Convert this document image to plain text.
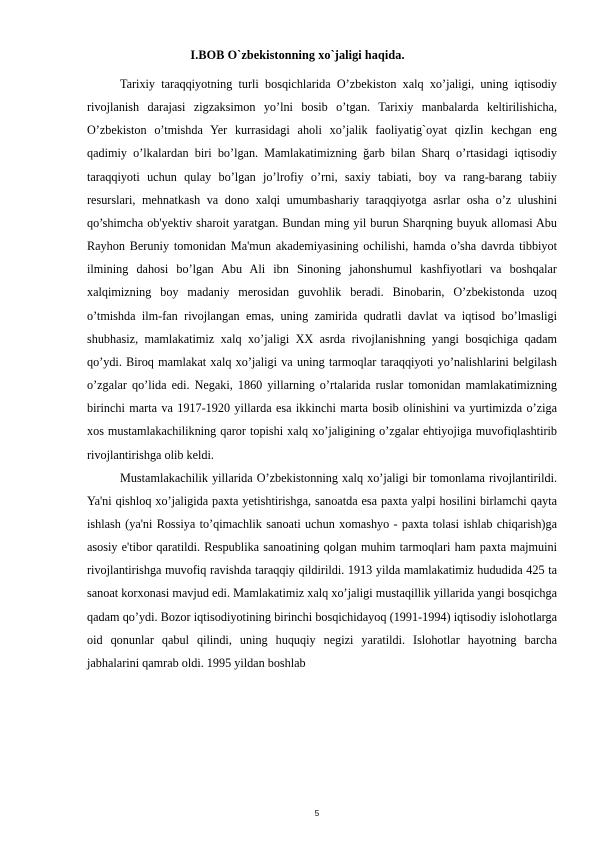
I.BOB O`zbekistonning xo`jaligi haqida.

Tarixiy taraqqiyotning turli bosqichlarida O’zbekiston xalq xo’jaligi, uning iqtisodiy rivojlanish darajasi zigzaksimon yo’lni bosib o’tgan. Tarixiy manbalarda keltirilishicha, O’zbekiston o’tmishda Yer kurrasidagi aholi xo’jalik faoliyatig`oyat qizIin kechgan eng qadimiy o’lkalardan biri bo’lgan. Mamlakatimizning ğarb bilan Sharq o’rtasidagi iqtisodiy taraqqiyoti uchun qulay bo’lgan jo’lrofiy o’rni, saxiy tabiati, boy va rang-barang tabiiy resurslari, mehnatkash va dono xalqi umumbashariy taraqqiyotga asrlar osha o’z ulushini qo’shimcha ob'yektiv sharoit yaratgan. Bundan ming yil burun Sharqning buyuk allomasi Abu Rayhon Beruniy tomonidan Ma'mun akademiyasining ochilishi, hamda o’sha davrda tibbiyot ilmining dahosi bo’lgan Abu Ali ibn Sinoning jahonshumul kashfiyotlari va boshqalar xalqimizning boy madaniy merosidan guvohlik beradi. Binobarin, O’zbekistonda uzoq o’tmishda ilm-fan rivojlangan emas, uning zamirida qudratli davlat va iqtisod bo’lmasligi shubhasiz, mamlakatimiz xalq xo’jaligi XX asrda rivojlanishning yangi bosqichiga qadam qo’ydi. Biroq mamlakat xalq xo’jaligi va uning tarmoqlar taraqqiyoti yo’nalishlarini belgilash o’zgalar qo’lida edi. Negaki, 1860 yillarning o’rtalarida ruslar tomonidan mamlakatimizning birinchi marta va 1917-1920 yillarda esa ikkinchi marta bosib olinishini va yurtimizda o’ziga xos mustamlakachilikning qaror topishi xalq xo’jaligining o’zgalar ehtiyojiga muvofiqlashtirib rivojlantirishga olib keldi.

Mustamlakachilik yillarida O’zbekistonning xalq xo’jaligi bir tomonlama rivojlantirildi. Ya'ni qishloq xo’jaligida paxta yetishtirishga, sanoatda esa paxta yalpi hosilini birlamchi qayta ishlash (ya'ni Rossiya to’qimachlik sanoati uchun xomashyo - paxta tolasi ishlab chiqarish)ga asosiy e'tibor qaratildi. Respublika sanoatining qolgan muhim tarmoqlari ham paxta majmuini rivojlantirishga muvofiq ravishda taraqqiy qildirildi. 1913 yilda mamlakatimiz hududida 425 ta sanoat korxonasi mavjud edi. Mamlakatimiz xalq xo’jaligi mustaqillik yillarida yangi bosqichga qadam qo’ydi. Bozor iqtisodiyotining birinchi bosqichidayoq (1991-1994) iqtisodiy islohotlarga oid qonunlar qabul qilindi, uning huquqiy negizi yaratildi. Islohotlar hayotning barcha jabhalarini qamrab oldi. 1995 yildan boshlab

5
